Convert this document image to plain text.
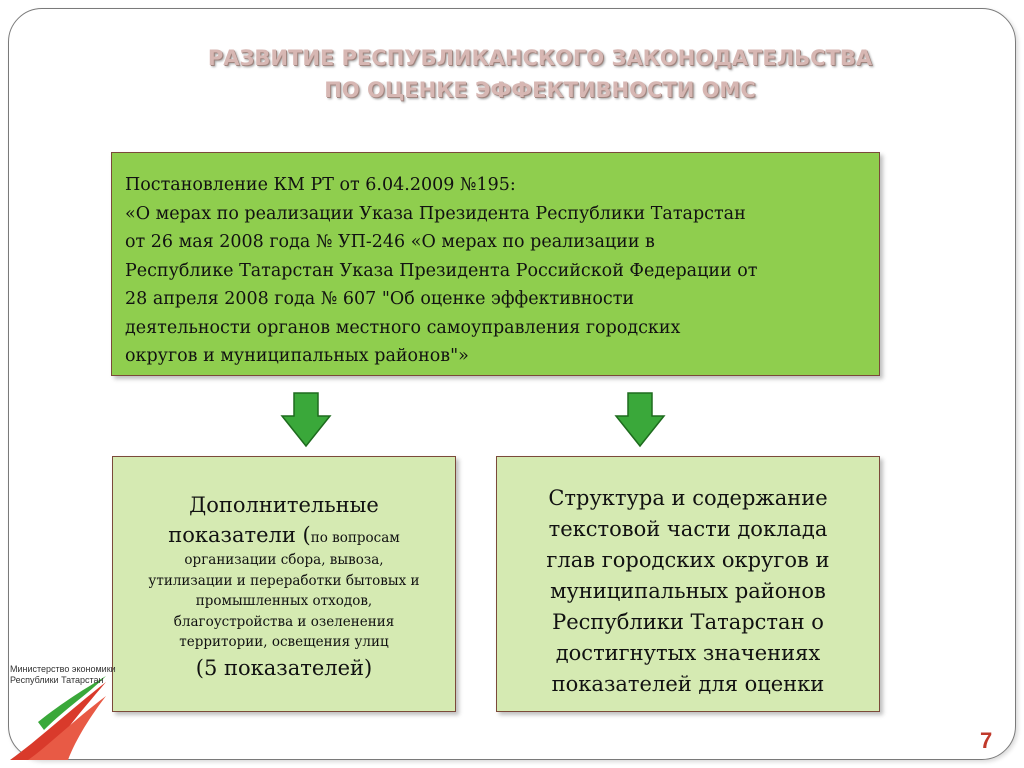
РАЗВИТИЕ РЕСПУБЛИКАНСКОГО ЗАКОНОДАТЕЛЬСТВА
ПО ОЦЕНКЕ ЭФФЕКТИВНОСТИ ОМС
Постановление КМ РТ от 6.04.2009 №195:
«О мерах по реализации Указа Президента Республики Татарстан
от 26 мая 2008 года № УП-246 «О мерах по реализации в
Республике Татарстан Указа Президента Российской Федерации от
28 апреля 2008 года № 607 "Об оценке эффективности
деятельности органов местного самоуправления городских
округов и муниципальных районов"»
Дополнительные
показатели (по вопросам
организации сбора, вывоза,
утилизации и переработки бытовых и
промышленных отходов,
благоустройства и озеленения
территории, освещения улиц
(5 показателей)
Структура и содержание
текстовой части доклада
глав городских округов и
муниципальных районов
Республики Татарстан о
достигнутых значениях
показателей для оценки
Министерство экономики
Республики Татарстан
7
